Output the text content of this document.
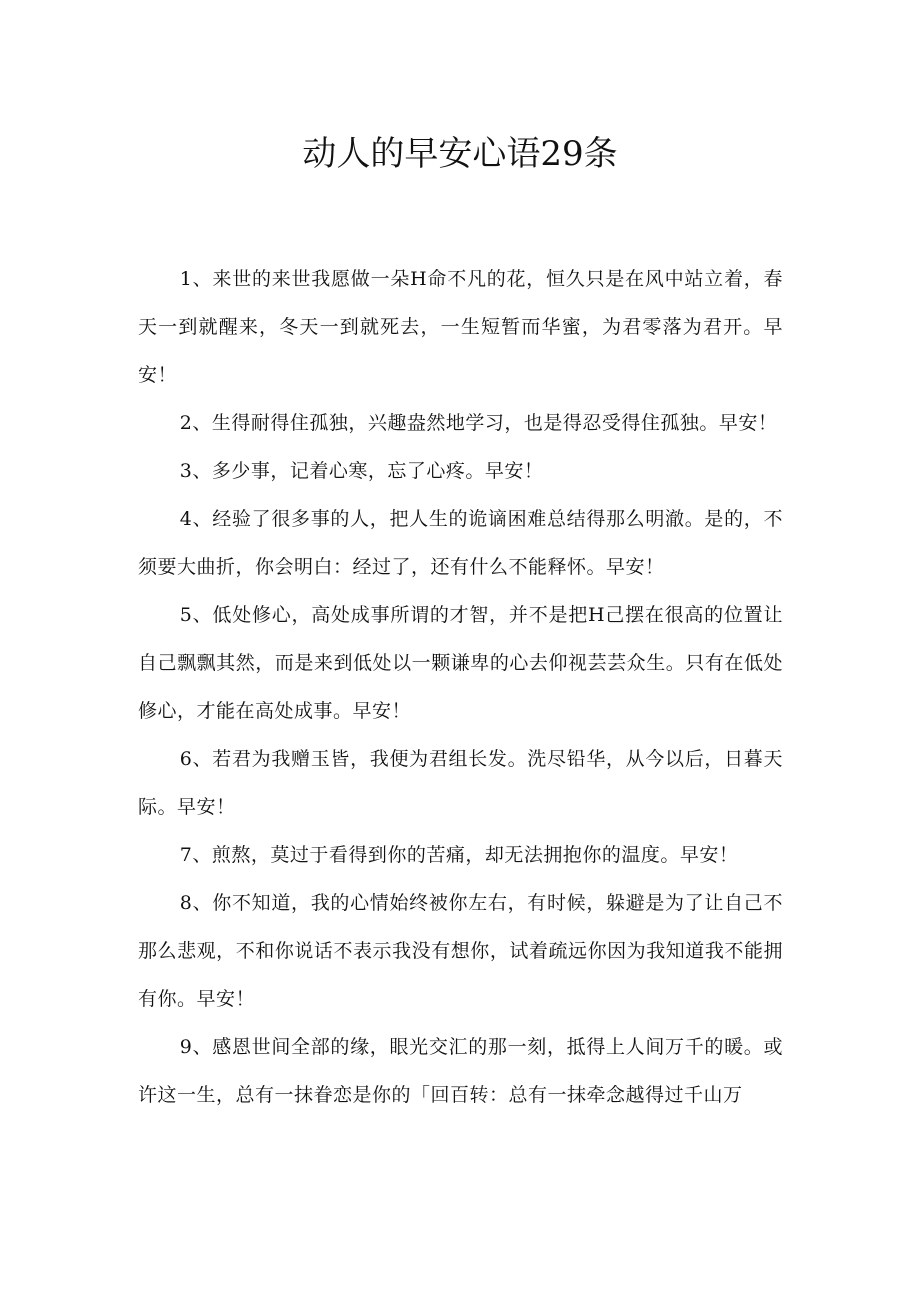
动人的早安心语29条

1、来世的来世我愿做一朵H命不凡的花，恒久只是在风中站立着，春天一到就醒来，冬天一到就死去，一生短暂而华蜜，为君零落为君开。早安！

2、生得耐得住孤独，兴趣盎然地学习，也是得忍受得住孤独。早安！

3、多少事，记着心寒，忘了心疼。早安！

4、经验了很多事的人，把人生的诡谪困难总结得那么明澈。是的，不须要大曲折，你会明白：经过了，还有什么不能释怀。早安！

5、低处修心，高处成事所谓的才智，并不是把H己摆在很高的位置让自己飘飘其然，而是来到低处以一颗谦卑的心去仰视芸芸众生。只有在低处修心，才能在高处成事。早安！

6、若君为我赠玉皆，我便为君组长发。洗尽铅华，从今以后，日暮天际。早安！

7、煎熬，莫过于看得到你的苦痛，却无法拥抱你的温度。早安！

8、你不知道，我的心情始终被你左右，有时候，躲避是为了让自己不那么悲观，不和你说话不表示我没有想你，试着疏远你因为我知道我不能拥有你。早安！

9、感恩世间全部的缘，眼光交汇的那一刻，抵得上人间万千的暖。或许这一生，总有一抹眷恋是你的「回百转：总有一抹牵念越得过千山万
